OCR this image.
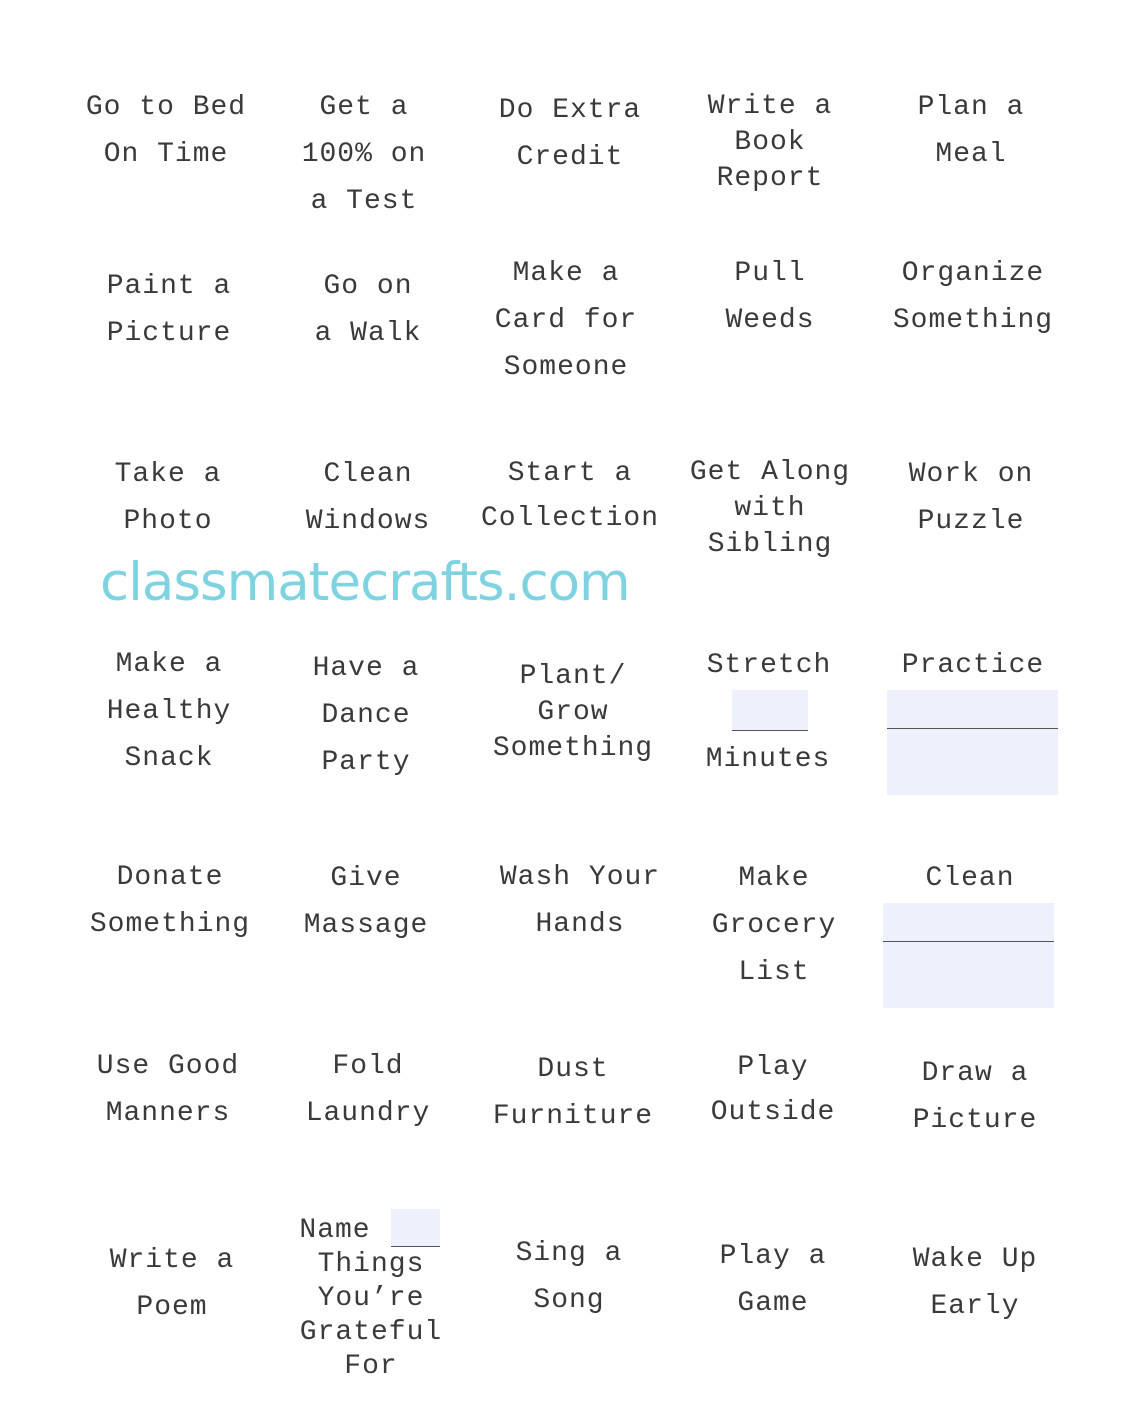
Go to Bed
On Time
Get a
100% on
a Test
Do Extra
Credit
Write a
Book
Report
Plan a
Meal
Paint a
Picture
Go on
a Walk
Make a
Card for
Someone
Pull
Weeds
Organize
Something
Take a
Photo
Clean
Windows
Start a
Collection
Get Along
with
Sibling
Work on
Puzzle
classmatecrafts.com
Make a
Healthy
Snack
Have a
Dance
Party
Plant/
Grow
Something
Stretch
Minutes
Practice
Donate
Something
Give
Massage
Wash Your
Hands
Make
Grocery
List
Clean
Use Good
Manners
Fold
Laundry
Dust
Furniture
Play
Outside
Draw a
Picture
Write a
Poem
Name
Things
You’re
Grateful
For
Sing a
Song
Play a
Game
Wake Up
Early
